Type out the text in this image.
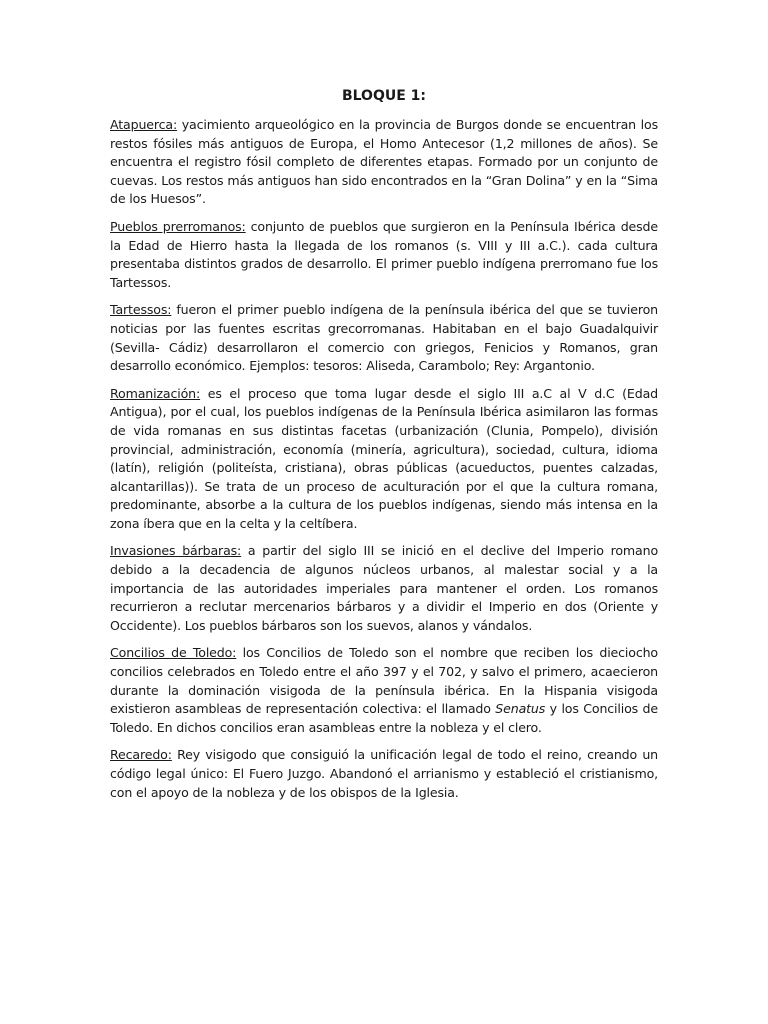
BLOQUE 1:

Atapuerca: yacimiento arqueológico en la provincia de Burgos donde se encuentran los restos fósiles más antiguos de Europa, el Homo Antecesor (1,2 millones de años). Se encuentra el registro fósil completo de diferentes etapas. Formado por un conjunto de cuevas. Los restos más antiguos han sido encontrados en la “Gran Dolina” y en la “Sima de los Huesos”.

Pueblos prerromanos: conjunto de pueblos que surgieron en la Península Ibérica desde la Edad de Hierro hasta la llegada de los romanos (s. VIII y III a.C.). cada cultura presentaba distintos grados de desarrollo. El primer pueblo indígena prerromano fue los Tartessos.

Tartessos: fueron el primer pueblo indígena de la península ibérica del que se tuvieron noticias por las fuentes escritas grecorromanas. Habitaban en el bajo Guadalquivir (Sevilla- Cádiz) desarrollaron el comercio con griegos, Fenicios y Romanos, gran desarrollo económico. Ejemplos: tesoros: Aliseda, Carambolo; Rey: Argantonio.

Romanización: es el proceso que toma lugar desde el siglo III a.C al V d.C (Edad Antigua), por el cual, los pueblos indígenas de la Península Ibérica asimilaron las formas de vida romanas en sus distintas facetas (urbanización (Clunia, Pompelo), división provincial, administración, economía (minería, agricultura), sociedad, cultura, idioma (latín), religión (politeísta, cristiana), obras públicas (acueductos, puentes calzadas, alcantarillas)). Se trata de un proceso de aculturación por el que la cultura romana, predominante, absorbe a la cultura de los pueblos indígenas, siendo más intensa en la zona íbera que en la celta y la celtíbera.

Invasiones bárbaras: a partir del siglo III se inició en el declive del Imperio romano debido a la decadencia de algunos núcleos urbanos, al malestar social y a la importancia de las autoridades imperiales para mantener el orden. Los romanos recurrieron a reclutar mercenarios bárbaros y a dividir el Imperio en dos (Oriente y Occidente). Los pueblos bárbaros son los suevos, alanos y vándalos.

Concilios de Toledo: los Concilios de Toledo son el nombre que reciben los dieciocho concilios celebrados en Toledo entre el año 397 y el 702, y salvo el primero, acaecieron durante la dominación visigoda de la península ibérica. En la Hispania visigoda existieron asambleas de representación colectiva: el llamado Senatus y los Concilios de Toledo. En dichos concilios eran asambleas entre la nobleza y el clero.

Recaredo: Rey visigodo que consiguió la unificación legal de todo el reino, creando un código legal único: El Fuero Juzgo. Abandonó el arrianismo y estableció el cristianismo, con el apoyo de la nobleza y de los obispos de la Iglesia.
